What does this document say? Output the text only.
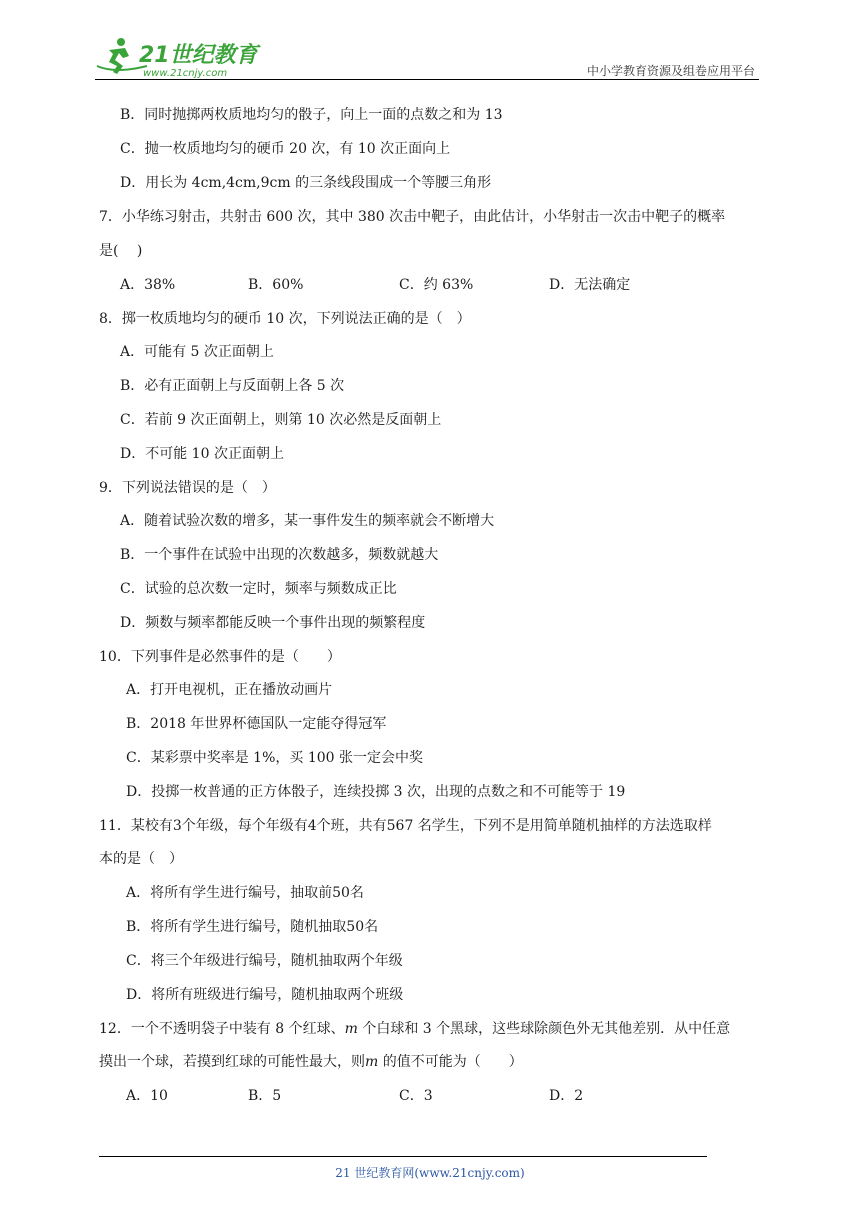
21世纪教育
www.21cnjy.com	中小学教育资源及组卷应用平台
B．同时抛掷两枚质地均匀的骰子，向上一面的点数之和为 13
C．抛一枚质地均匀的硬币 20 次，有 10 次正面向上
D．用长为 4cm,4cm,9cm 的三条线段围成一个等腰三角形
7．小华练习射击，共射击 600 次，其中 380 次击中靶子，由此估计，小华射击一次击中靶子的概率
是(　 )
A．38%	B．60%	C．约 63%	D．无法确定
8．掷一枚质地均匀的硬币 10 次，下列说法正确的是（　）
A．可能有 5 次正面朝上
B．必有正面朝上与反面朝上各 5 次
C．若前 9 次正面朝上，则第 10 次必然是反面朝上
D．不可能 10 次正面朝上
9．下列说法错误的是（　）
A．随着试验次数的增多，某一事件发生的频率就会不断增大
B．一个事件在试验中出现的次数越多，频数就越大
C．试验的总次数一定时，频率与频数成正比
D．频数与频率都能反映一个事件出现的频繁程度
10．下列事件是必然事件的是（　　）
A．打开电视机，正在播放动画片
B．2018 年世界杯德国队一定能夺得冠军
C．某彩票中奖率是 1%，买 100 张一定会中奖
D．投掷一枚普通的正方体骰子，连续投掷 3 次，出现的点数之和不可能等于 19
11．某校有3个年级，每个年级有4个班，共有567 名学生，下列不是用简单随机抽样的方法选取样
本的是（　）
A．将所有学生进行编号，抽取前50名
B．将所有学生进行编号，随机抽取50名
C．将三个年级进行编号，随机抽取两个年级
D．将所有班级进行编号，随机抽取两个班级
12．一个不透明袋子中装有 8 个红球、m 个白球和 3 个黑球，这些球除颜色外无其他差别．从中任意
摸出一个球，若摸到红球的可能性最大，则m 的值不可能为（　　）
A．10	B．5	C．3	D．2
21 世纪教育网(www.21cnjy.com)
